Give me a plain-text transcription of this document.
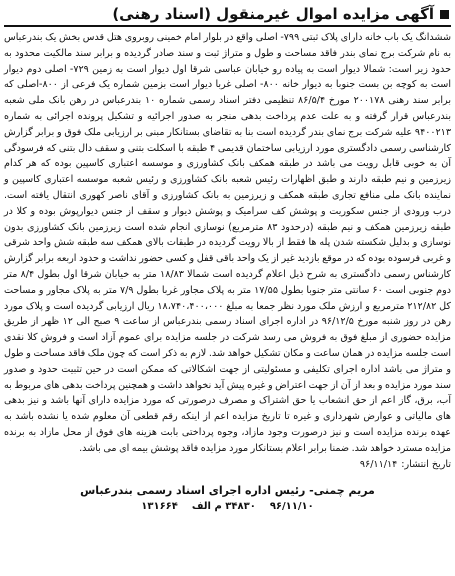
آگهی مزایده اموال غیرمنقول (اسناد رهنی)

ششدانگ یک باب خانه دارای پلاک ثبتی ۷۹۹- اصلی واقع در بلوار امام خمینی روبروی هتل قدس بخش یک بندرعباس به نام شرکت برج نمای بندر فاقد مساحت و طول و متراژ ثبت و سند صادر گردیده و برابر سند مالکیت محدود به حدود زیر است: شمالا دیوار است به پیاده رو خیابان عباسی شرقا اول دیوار است به زمین ۷۲۹- اصلی دوم دیوار است به کوچه بن بست جنوبا به دیوار خانه ۸۰۰- اصلی غربا دیوار است بزمین شماره یک فرعی از ۸۰۰-اصلی که برابر سند رهنی ۲۰۰۱۷۸ مورخ ۸۶/۵/۴ تنظیمی دفتر اسناد رسمی شماره ۱۰ بندرعباس در رهن بانک ملی شعبه بندرعباس قرار گرفته و به علت عدم پرداخت بدهی منجر به صدور اجرائیه و تشکیل پرونده اجرائی به شماره ۹۴۰۰۲۱۳ علیه شرکت برج نمای بندر گردیده است بنا به تقاضای بستانکار مبنی بر ارزیابی ملک فوق و برابر گزارش کارشناسی رسمی دادگستری مورد ارزیابی ساختمان قدیمی ۴ طبقه با اسکلت بتنی و سقف دال بتنی که فرسودگی آن به خوبی قابل رویت می باشد در طبقه همکف بانک کشاورزی و موسسه اعتباری کاسپین بوده که هر کدام زیرزمین و نیم طبقه دارند و طبق اظهارات رئیس شعبه بانک کشاورزی و رئیس شعبه موسسه اعتباری کاسپین و نماینده بانک ملی منافع تجاری طبقه همکف و زیرزمین به بانک کشاورزی و آقای ناصر کهوری انتقال یافته است. درب ورودی از جنس سکوریت و پوشش کف سرامیک و پوشش دیوار و سقف از جنس دیوارپوش بوده و کلا در طبقه زیرزمین همکف و نیم طبقه (درحدود ۸۳ مترمربع) نوسازی انجام شده است زیرزمین بانک کشاورزی بدون نوسازی و بدلیل شکسته شدن پله ها فقط از بالا رویت گردیده در طبقات بالای همکف سه طبقه شش واحد شرقی و غربی فرسوده بوده که در موقع بازدید غیر از یک واحد باقی قفل و کسی حضور نداشت و حدود اربعه برابر گزارش کارشناس رسمی دادگستری به شرح ذیل اعلام گردیده است شمالا ۱۸/۸۳ متر به خیابان شرقا اول بطول ۸/۴ متر دوم جنوبی است ۶۰ سانتی متر جنوبا بطول ۱۷/۵۵ متر به پلاک مجاور غربا بطول ۷/۹ متر به پلاک مجاور و مساحت کل ۲۱۲/۸۲ مترمربع و ارزش ملک مورد نظر جمعا به مبلغ ۱۸،۷۴۰،۴۰۰،۰۰۰ ریال ارزیابی گردیده است و پلاک مورد رهن در روز شنبه مورخ ۹۶/۱۲/۵ در اداره اجرای اسناد رسمی بندرعباس از ساعت ۹ صبح الی ۱۲ ظهر از طریق مزایده حضوری از مبلغ فوق به فروش می رسد شرکت در جلسه مزایده برای عموم آزاد است و فروش کلا نقدی است جلسه مزایده در همان ساعت و مکان تشکیل خواهد شد. لازم به ذکر است که چون ملک فاقد مساحت و طول و متراژ می باشد اداره اجرای تکلیفی و مسئولیتی از جهت اشکالاتی که ممکن است در حین تثبیت حدود و صدور سند مورد مزایده و بعد از آن از جهت اعتراض و غیره پیش آید نخواهد داشت و همچنین پرداخت بدهی های مربوط به آب، برق، گاز اعم از حق انشعاب یا حق اشتراک و مصرف درصورتی که مورد مزایده دارای آنها باشد و نیز بدهی های مالیاتی و عوارض شهرداری و غیره تا تاریخ مزایده اعم از اینکه رقم قطعی آن معلوم شده یا نشده باشد به عهده برنده مزایده است و نیز درصورت وجود مازاد، وجوه پرداختی بابت هزینه های فوق از محل مازاد به برنده مزایده مسترد خواهد شد. ضمنا برابر اعلام بستانکار مورد مزایده فاقد پوشش بیمه ای می باشد.

تاریخ انتشار:
۹۶/۱۱/۱۴
مریم چمنی- رئیس اداره اجرای اسناد رسمی بندرعباس
۹۶/۱۱/۱۰
۳۴۸۳۰ م الف
۱۳۱۶۶۴
